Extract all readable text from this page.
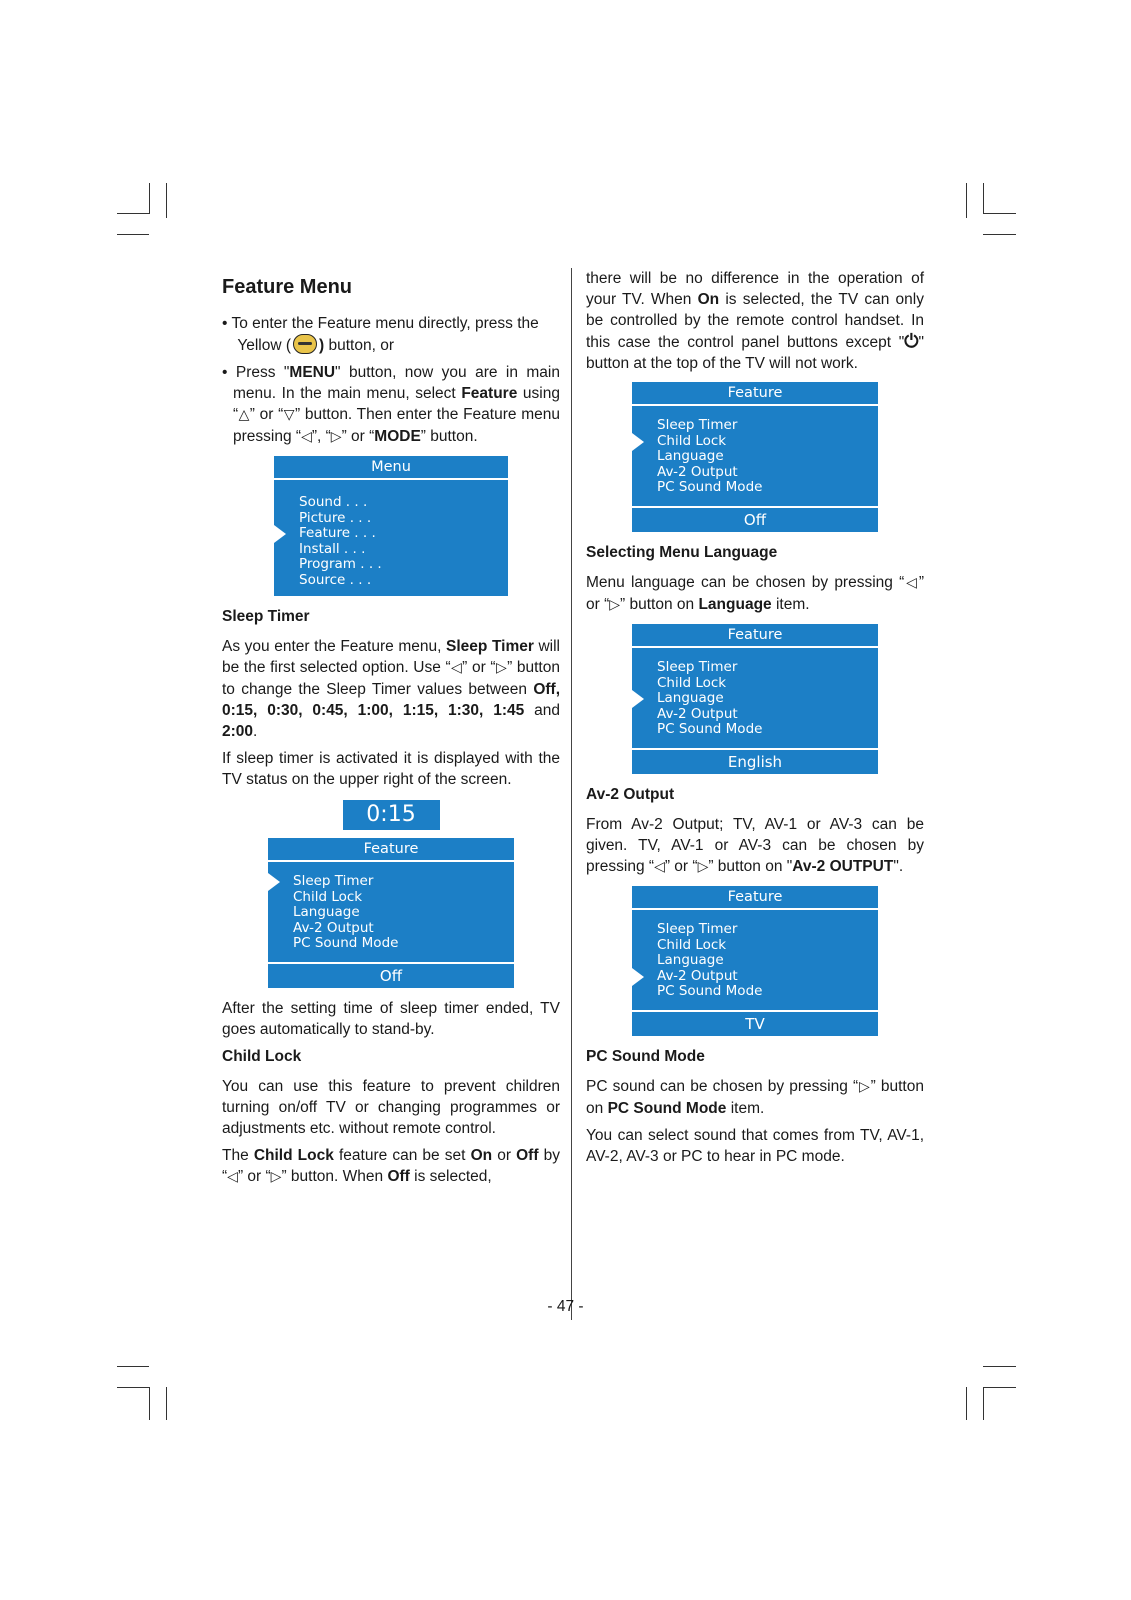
Feature Menu

• To enter the Feature menu directly, press the
Yellow ( ) button, or

• Press "MENU" button, now you are in main menu. In the main menu, select Feature using “△” or “▽” button. Then enter the Feature menu pressing “◁”, “▷” or “MODE” button.

Menu
Sound . . .
Picture . . .
Feature . . .
Install . . .
Program . . .
Source . . .
Sleep Timer

As you enter the Feature menu, Sleep Timer will be the first selected option. Use “◁” or “▷” button to change the Sleep Timer values between Off, 0:15, 0:30, 0:45, 1:00, 1:15, 1:30, 1:45 and 2:00.

If sleep timer is activated it is displayed with the TV status on the upper right of the screen.

0:15
Feature
Sleep Timer
Child Lock
Language
Av-2 Output
PC Sound Mode
Off

After the setting time of sleep timer ended, TV goes automatically to stand-by.

Child Lock

You can use this feature to prevent children turning on/off TV or changing programmes or adjustments etc. without remote control.

The Child Lock feature can be set On or Off by “◁” or “▷” button. When Off is selected,

there will be no difference in the operation of your TV. When On is selected, the TV can only be controlled by the remote control handset. In this case the control panel buttons except "⏻" button at the top of the TV will not work.

Feature
Sleep Timer
Child Lock
Language
Av-2 Output
PC Sound Mode
Off
Selecting Menu Language

Menu language can be chosen by pressing “◁” or “▷” button on Language item.

Feature
Sleep Timer
Child Lock
Language
Av-2 Output
PC Sound Mode
English
Av-2 Output

From Av-2 Output; TV, AV-1 or AV-3 can be given. TV, AV-1 or AV-3 can be chosen by pressing “◁” or “▷” button on "Av-2 OUTPUT".

Feature
Sleep Timer
Child Lock
Language
Av-2 Output
PC Sound Mode
TV
PC Sound Mode

PC sound can be chosen by pressing “▷” button on PC Sound Mode item.

You can select sound that comes from TV, AV-1, AV-2, AV-3 or PC to hear in PC mode.

- 47 -
